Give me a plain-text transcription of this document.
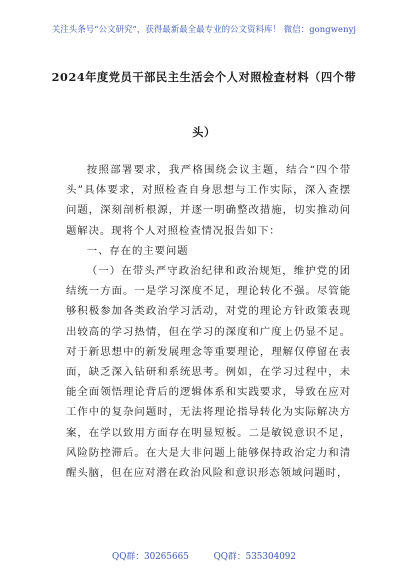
关注头条号“公文研究”，获得最新最全最专业的公文资料库！ 微信：gongwenyj
2024年度党员干部民主生活会个人对照检查材料（四个带
头）

按照部署要求，我严格围绕会议主题，结合“四个带头”具体要求，对照检查自身思想与工作实际，深入查摆问题，深刻剖析根源，并逐一明确整改措施，切实推动问题解决。现将个人对照检查情况报告如下：

一、存在的主要问题

（一）在带头严守政治纪律和政治规矩，维护党的团结统一方面。一是学习深度不足，理论转化不强。尽管能够积极参加各类政治学习活动，对党的理论方针政策表现出较高的学习热情，但在学习的深度和广度上仍显不足。对于新思想中的新发展理念等重要理论，理解仅停留在表面，缺乏深入钻研和系统思考。例如，在学习过程中，未能全面领悟理论背后的逻辑体系和实践要求，导致在应对工作中的复杂问题时，无法将理论指导转化为实际解决方案，在学以致用方面存在明显短板。二是敏锐意识不足，风险防控滞后。在大是大非问题上能够保持政治定力和清醒头脑，但在应对潜在政治风险和意识形态领域问题时，

QQ群：30265665	QQ群：535304092
